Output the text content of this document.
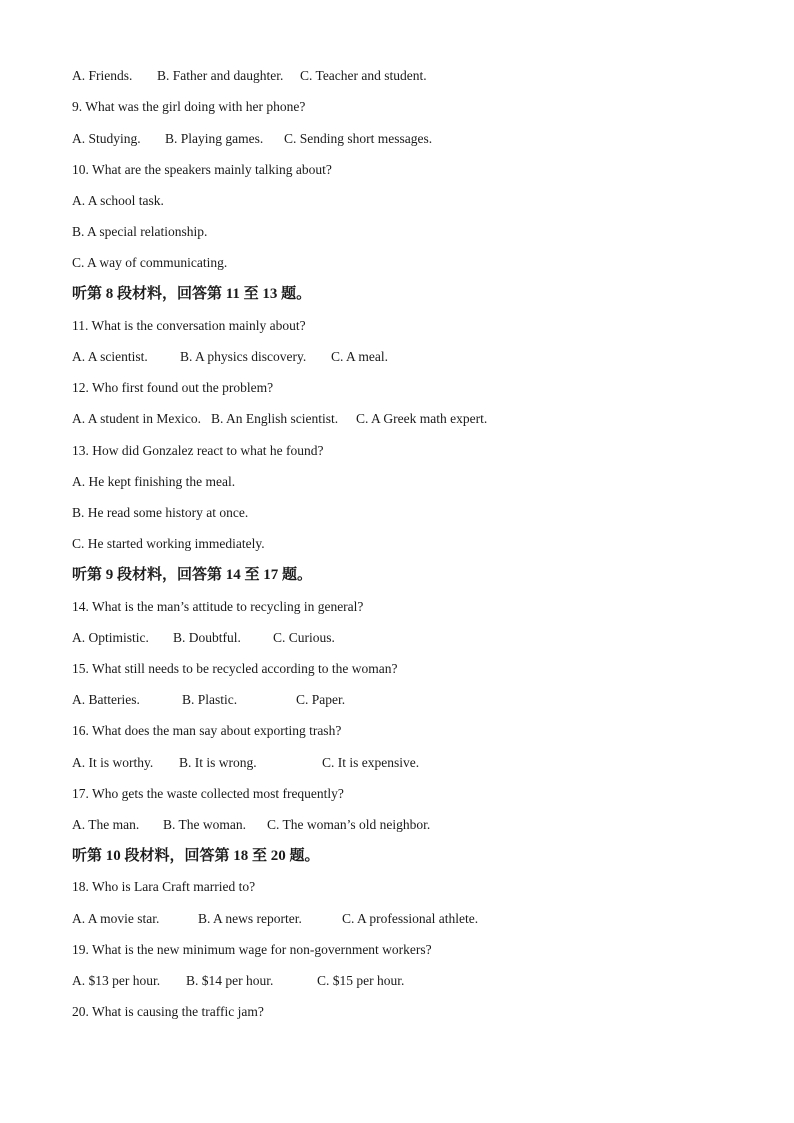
A. Friends. B. Father and daughter. C. Teacher and student.

9. What was the girl doing with her phone?

A. Studying. B. Playing games. C. Sending short messages.

10. What are the speakers mainly talking about?

A. A school task.

B. A special relationship.

C. A way of communicating.

听第 8 段材料，回答第 11 至 13 题。

11. What is the conversation mainly about?

A. A scientist. B. A physics discovery. C. A meal.

12. Who first found out the problem?

A. A student in Mexico. B. An English scientist. C. A Greek math expert.

13. How did Gonzalez react to what he found?

A. He kept finishing the meal.

B. He read some history at once.

C. He started working immediately.

听第 9 段材料，回答第 14 至 17 题。

14. What is the man’s attitude to recycling in general?

A. Optimistic. B. Doubtful. C. Curious.

15. What still needs to be recycled according to the woman?

A. Batteries.	B. Plastic.	C. Paper.

16. What does the man say about exporting trash?

A. It is worthy. B. It is wrong.	C. It is expensive.

17. Who gets the waste collected most frequently?

A. The man. B. The woman. C. The woman’s old neighbor.

听第 10 段材料，回答第 18 至 20 题。

18. Who is Lara Craft married to?

A. A movie star.	B. A news reporter.	C. A professional athlete.

19. What is the new minimum wage for non-government workers?

A. $13 per hour. B. $14 per hour.	C. $15 per hour.

20. What is causing the traffic jam?
